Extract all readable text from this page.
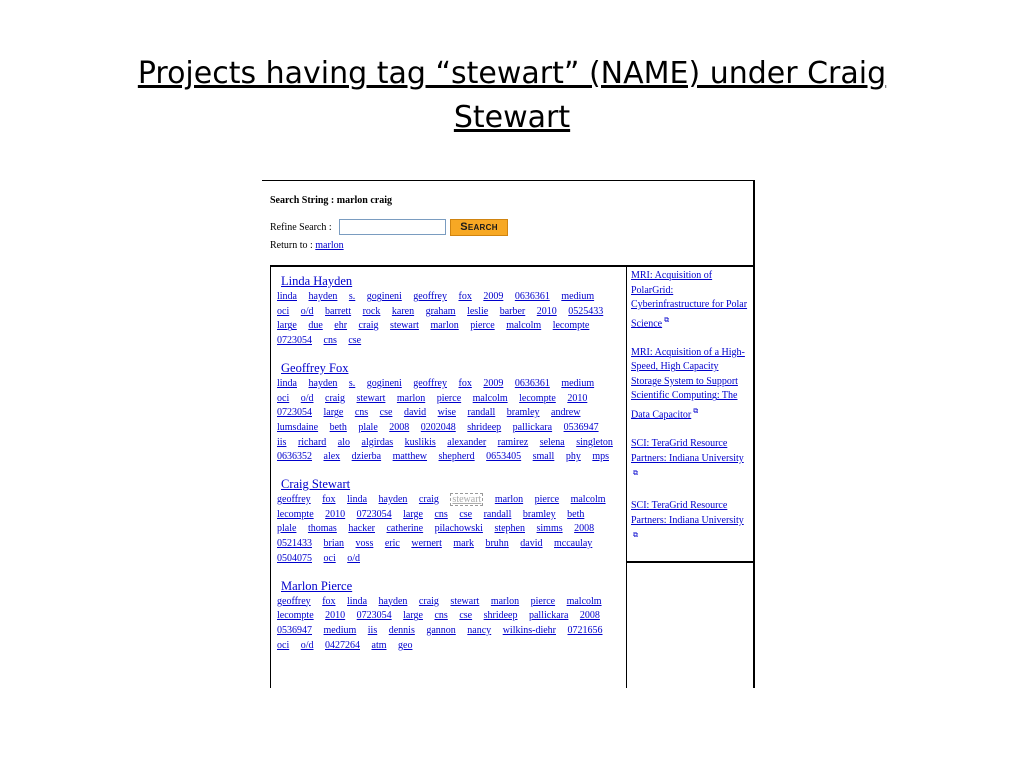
Projects having tag “stewart” (NAME) under Craig
Stewart
Search String : marlon craig
Refine Search :	Search
Return to : marlon
Linda Hayden
linda hayden s. gogineni geoffrey fox 2009 0636361 medium oci o/d barrett rock karen graham leslie barber 2010 0525433 large due ehr craig stewart marlon pierce malcolm lecompte 0723054 cns cse
Geoffrey Fox
linda hayden s. gogineni geoffrey fox 2009 0636361 medium oci o/d craig stewart marlon pierce malcolm lecompte 2010 0723054 large cns cse david wise randall bramley andrew lumsdaine beth plale 2008 0202048 shrideep pallickara 0536947 iis richard alo algirdas kuslikis alexander ramirez selena singleton 0636352 alex dzierba matthew shepherd 0653405 small phy mps
Craig Stewart
geoffrey fox linda hayden craig stewart marlon pierce malcolm lecompte 2010 0723054 large cns cse randall bramley beth plale thomas hacker catherine pilachowski stephen simms 2008 0521433 brian voss eric wernert mark bruhn david mccaulay 0504075 oci o/d
Marlon Pierce
geoffrey fox linda hayden craig stewart marlon pierce malcolm lecompte 2010 0723054 large cns cse shrideep pallickara 2008 0536947 medium iis dennis gannon nancy wilkins-diehr 0721656 oci o/d 0427264 atm geo
MRI: Acquisition of PolarGrid: Cyberinfrastructure for Polar Science ⧉
MRI: Acquisition of a High-Speed, High Capacity Storage System to Support Scientific Computing: The Data Capacitor ⧉
SCI: TeraGrid Resource Partners: Indiana University⧉
SCI: TeraGrid Resource Partners: Indiana University⧉
